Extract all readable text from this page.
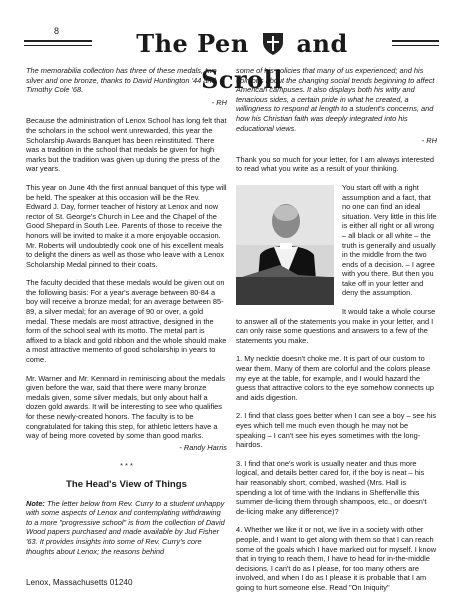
8	The Pen and Scroll

The memorabilia collection has three of these medals, two silver and one bronze, thanks to David Huntington '44 and Timothy Cole '68.

- RH

Because the administration of Lenox School has long felt that the scholars in the school went unrewarded, this year the Scholarship Awards Banquet has been reinstituted. There was a tradition in the school that medals be given for high marks but the tradition was given up during the press of the war years.

This year on June 4th the first annual banquet of this type will be held. The speaker at this occasion will be the Rev. Edward J. Day, former teacher of history at Lenox and now rector of St. George's Church in Lee and the Chapel of the Good Shepard in South Lee. Parents of those to receive the honors will be invited to make it a more enjoyable occasion. Mr. Roberts will undoubtedly cook one of his excellent meals to delight the diners as well as those who leave with a Lenox Scholarship Medal pinned to their coats.

The faculty decided that these medals would be given out on the following basis: For a year's average between 80-84 a boy will receive a bronze medal; for an average between 85-89, a silver medal; for an average of 90 or over, a gold medal. These medals are most attractive, designed in the form of the school seal with its motto. The metal part is affixed to a black and gold ribbon and the whole should make a most attractive memento of good scholarship in years to come.

Mr. Warner and Mr. Kennard in reminiscing about the medals given before the war, said that there were many bronze medals given, some silver medals, but only about half a dozen gold awards. It will be interesting to see who qualifies for these newly-created honors. The faculty is to be congratulated for taking this step, for athletic letters have a way of being more coveted by some than good marks.

- Randy Harris

* * *

The Head's View of Things

Note: The letter below from Rev. Curry to a student unhappy with some aspects of Lenox and contemplating withdrawing to a more "progressive school" is from the collection of David Wood papers purchased and made available by Jud Fisher '63. It provides insights into some of Rev. Curry's core thoughts about Lenox; the reasons behind

some of his policies that many of us experienced; and his opinions about the changing social trends beginning to affect American campuses. It also displays both his witty and tenacious sides, a certain pride in what he created, a willingness to respond at length to a student's concerns, and how his Christian faith was deeply integrated into his educational views.

- RH

Thank you so much for your letter, for I am always interested to read what you write as a result of your thinking.

You start off with a right assumption and a fact, that no one can find an ideal situation. Very little in this life is either all right or all wrong – all black or all white – the truth is generally and usually in the middle from the two ends of a decision. – I agree with you there. But then you take off in your letter and deny the assumption.

It would take a whole course to answer all of the statements you make in your letter, and I can only raise some questions and answers to a few of the statements you make.

1. My necktie doesn't choke me. It is part of our custom to wear them. Many of them are colorful and the colors please my eye at the table, for example, and I would hazard the guess that attractive colors to the eye somehow connects up and aids digestion.

2. I find that class goes better when I can see a boy – see his eyes which tell me much even though he may not be speaking – I can't see his eyes sometimes with the long-hairdos.

3. I find that one's work is usually neater and thus more logical, and details better cared for, if the boy is neat – his hair reasonably short, combed, washed (Mrs. Hall is spending a lot of time with the Indians in Shefferville this summer de-licing them through shampoos, etc., or doesn't de-licing make any difference)?

4. Whether we like it or not, we live in a society with other people, and I want to get along with them so that I can reach some of the goals which I have marked out for myself. I know that in trying to reach them, I have to head for in-the-middle decisions. I can't do as I please, for too many others are involved, and when I do as I please it is probable that I am going to hurt someone else. Read "On Iniquity"

Lenox, Massachusetts 01240
